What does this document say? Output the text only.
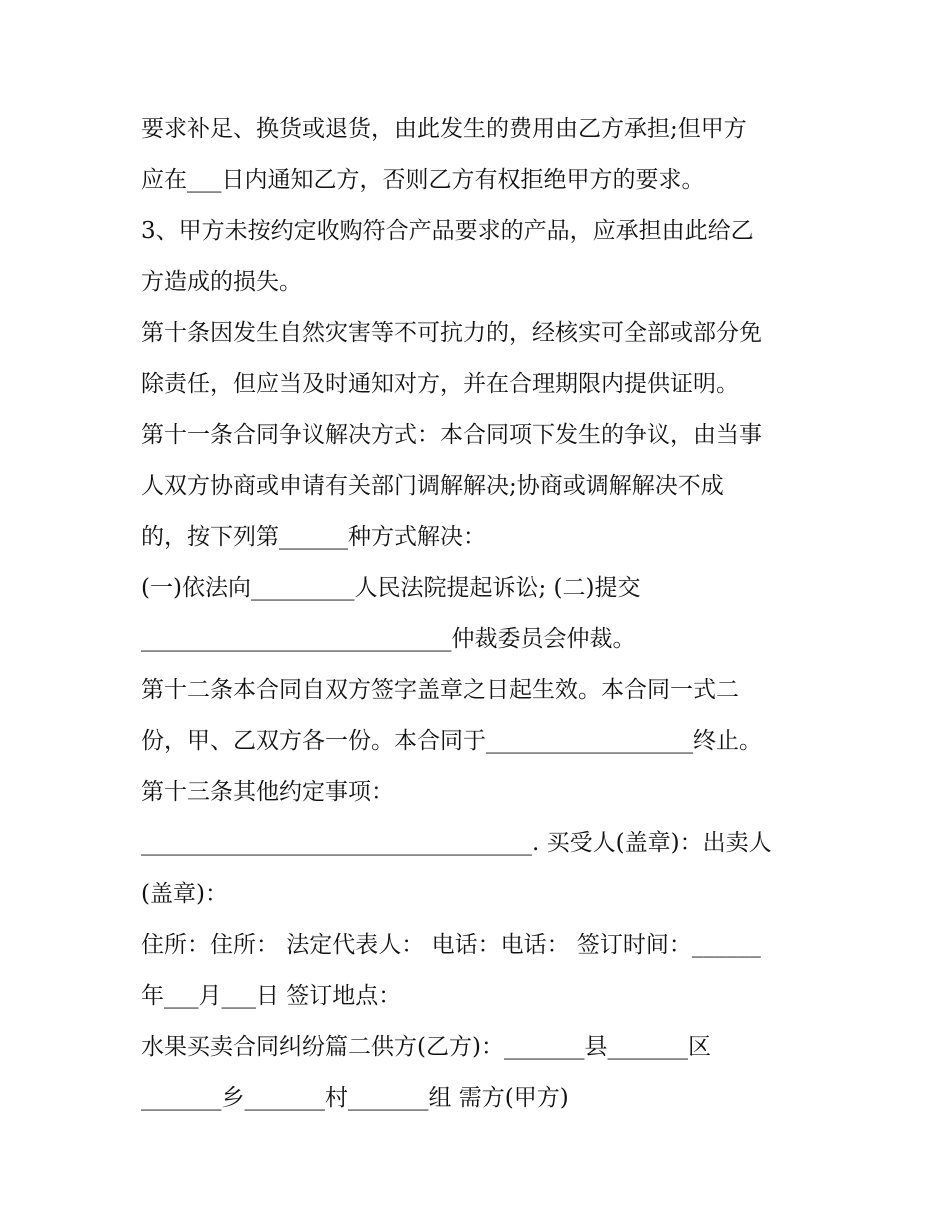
要求补足、换货或退货，由此发生的费用由乙方承担;但甲方
应在___日内通知乙方，否则乙方有权拒绝甲方的要求。
3、甲方未按约定收购符合产品要求的产品，应承担由此给乙
方造成的损失。
第十条因发生自然灾害等不可抗力的，经核实可全部或部分免
除责任，但应当及时通知对方，并在合理期限内提供证明。
第十一条合同争议解决方式：本合同项下发生的争议，由当事
人双方协商或申请有关部门调解解决;协商或调解解决不成
的，按下列第______种方式解决：
(一)依法向_________人民法院提起诉讼; (二)提交
___________________________仲裁委员会仲裁。
第十二条本合同自双方签字盖章之日起生效。本合同一式二
份，甲、乙双方各一份。本合同于__________________终止。
第十三条其他约定事项：
__________________________________. 买受人(盖章)：出卖人
(盖章)：
住所：住所： 法定代表人： 电话：电话： 签订时间：______
年___月___日 签订地点：
水果买卖合同纠纷篇二供方(乙方)：_______县_______区
_______乡_______村_______组 需方(甲方)
